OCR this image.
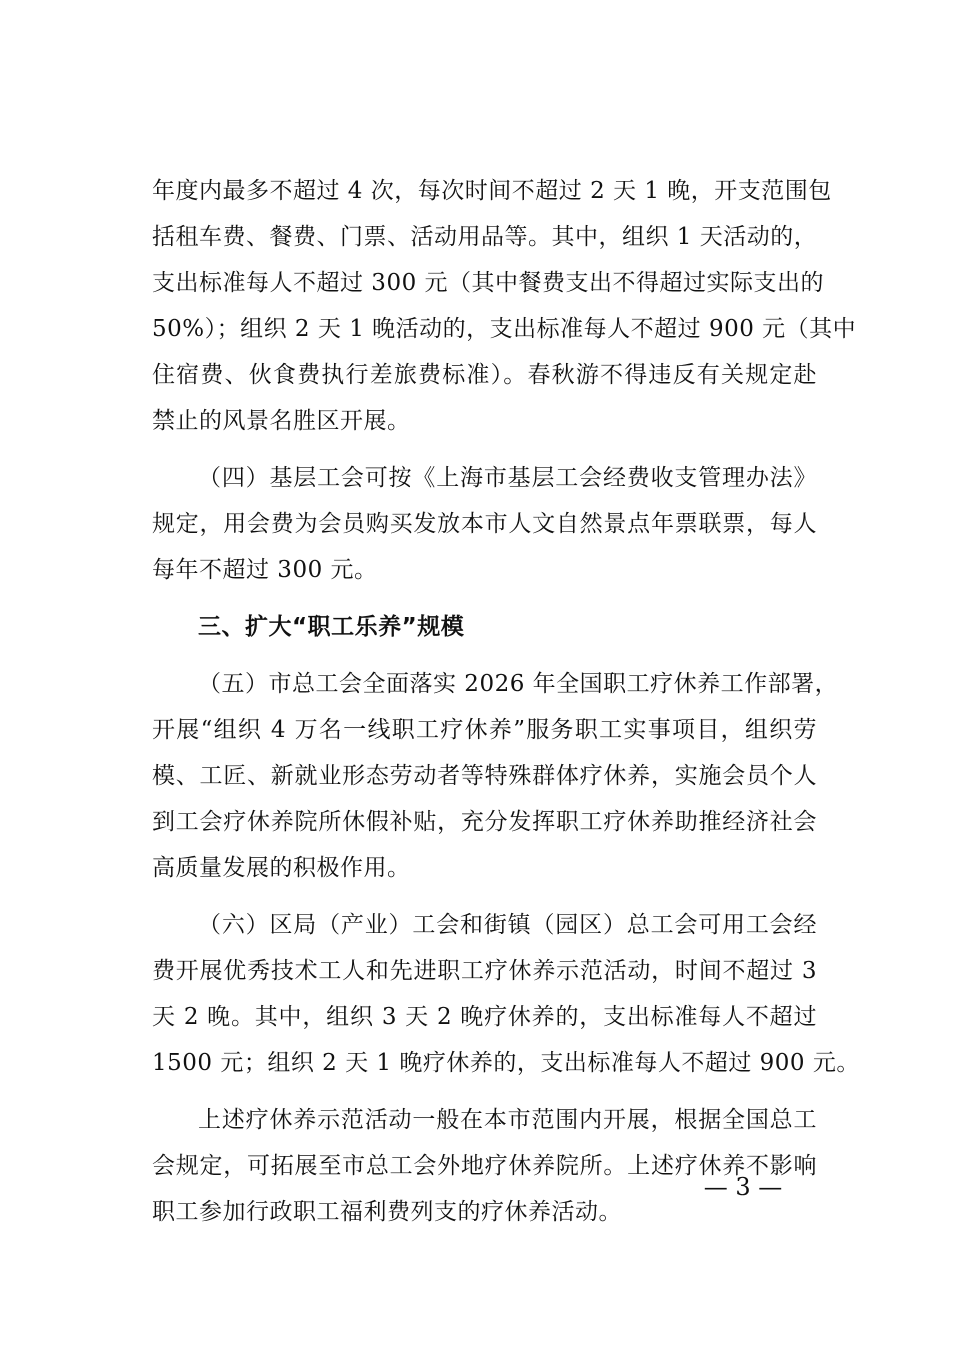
年度内最多不超过 4 次，每次时间不超过 2 天 1 晚，开支范围包
括租车费、餐费、门票、活动用品等。其中，组织 1 天活动的，
支出标准每人不超过 300 元（其中餐费支出不得超过实际支出的
50%）；组织 2 天 1 晚活动的，支出标准每人不超过 900 元（其中
住宿费、伙食费执行差旅费标准）。春秋游不得违反有关规定赴
禁止的风景名胜区开展。
（四）基层工会可按《上海市基层工会经费收支管理办法》
规定，用会费为会员购买发放本市人文自然景点年票联票，每人
每年不超过 300 元。
三、扩大“职工乐养”规模
（五）市总工会全面落实 2026 年全国职工疗休养工作部署，
开展“组织 4 万名一线职工疗休养”服务职工实事项目，组织劳
模、工匠、新就业形态劳动者等特殊群体疗休养，实施会员个人
到工会疗休养院所休假补贴，充分发挥职工疗休养助推经济社会
高质量发展的积极作用。
（六）区局（产业）工会和街镇（园区）总工会可用工会经
费开展优秀技术工人和先进职工疗休养示范活动，时间不超过 3
天 2 晚。其中，组织 3 天 2 晚疗休养的，支出标准每人不超过
1500 元；组织 2 天 1 晚疗休养的，支出标准每人不超过 900 元。
上述疗休养示范活动一般在本市范围内开展，根据全国总工
会规定，可拓展至市总工会外地疗休养院所。上述疗休养不影响
职工参加行政职工福利费列支的疗休养活动。
— 3 —
